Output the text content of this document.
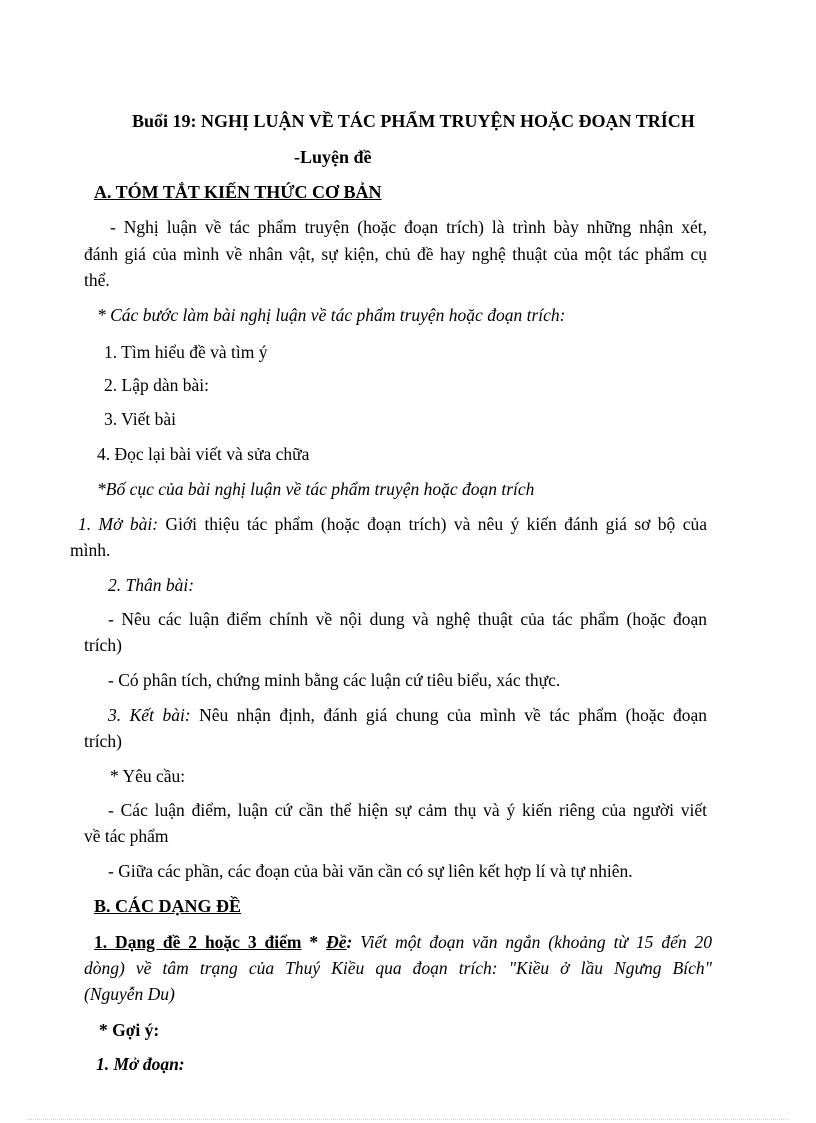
Buổi 19: NGHỊ LUẬN VỀ TÁC PHẨM TRUYỆN HOẶC ĐOẠN TRÍCH
-Luyện đề
A. TÓM TẮT KIẾN THỨC CƠ BẢN
- Nghị luận về tác phẩm truyện (hoặc đoạn trích) là trình bày những nhận xét,
đánh giá của mình về nhân vật, sự kiện, chủ đề hay nghệ thuật của một tác phẩm cụ
thể.
* Các bước làm bài nghị luận về tác phẩm truyện hoặc đoạn trích:
1. Tìm hiểu đề và tìm ý
2. Lập dàn bài:
3. Viết bài
4. Đọc lại bài viết và sửa chữa
*Bố cục của bài nghị luận về tác phẩm truyện hoặc đoạn trích
1. Mở bài: Giới thiệu tác phẩm (hoặc đoạn trích) và nêu ý kiến đánh giá sơ bộ của
mình.
2. Thân bài:
- Nêu các luận điểm chính về nội dung và nghệ thuật của tác phẩm (hoặc đoạn
trích)
- Có phân tích, chứng minh bằng các luận cứ tiêu biểu, xác thực.
3. Kết bài: Nêu nhận định, đánh giá chung của mình về tác phẩm (hoặc đoạn
trích)
* Yêu cầu:
- Các luận điểm, luận cứ cần thể hiện sự cảm thụ và ý kiến riêng của người viết
về tác phẩm
- Giữa các phần, các đoạn của bài văn cần có sự liên kết hợp lí và tự nhiên.
B. CÁC DẠNG ĐỀ
1. Dạng đề 2 hoặc 3 điểm * Đề: Viết một đoạn văn ngắn (khoảng từ 15 đến 20
dòng) về tâm trạng của Thuý Kiều qua đoạn trích: "Kiều ở lầu Ngưng Bích"
(Nguyễn Du)
* Gợi ý:
1. Mở đoạn:
